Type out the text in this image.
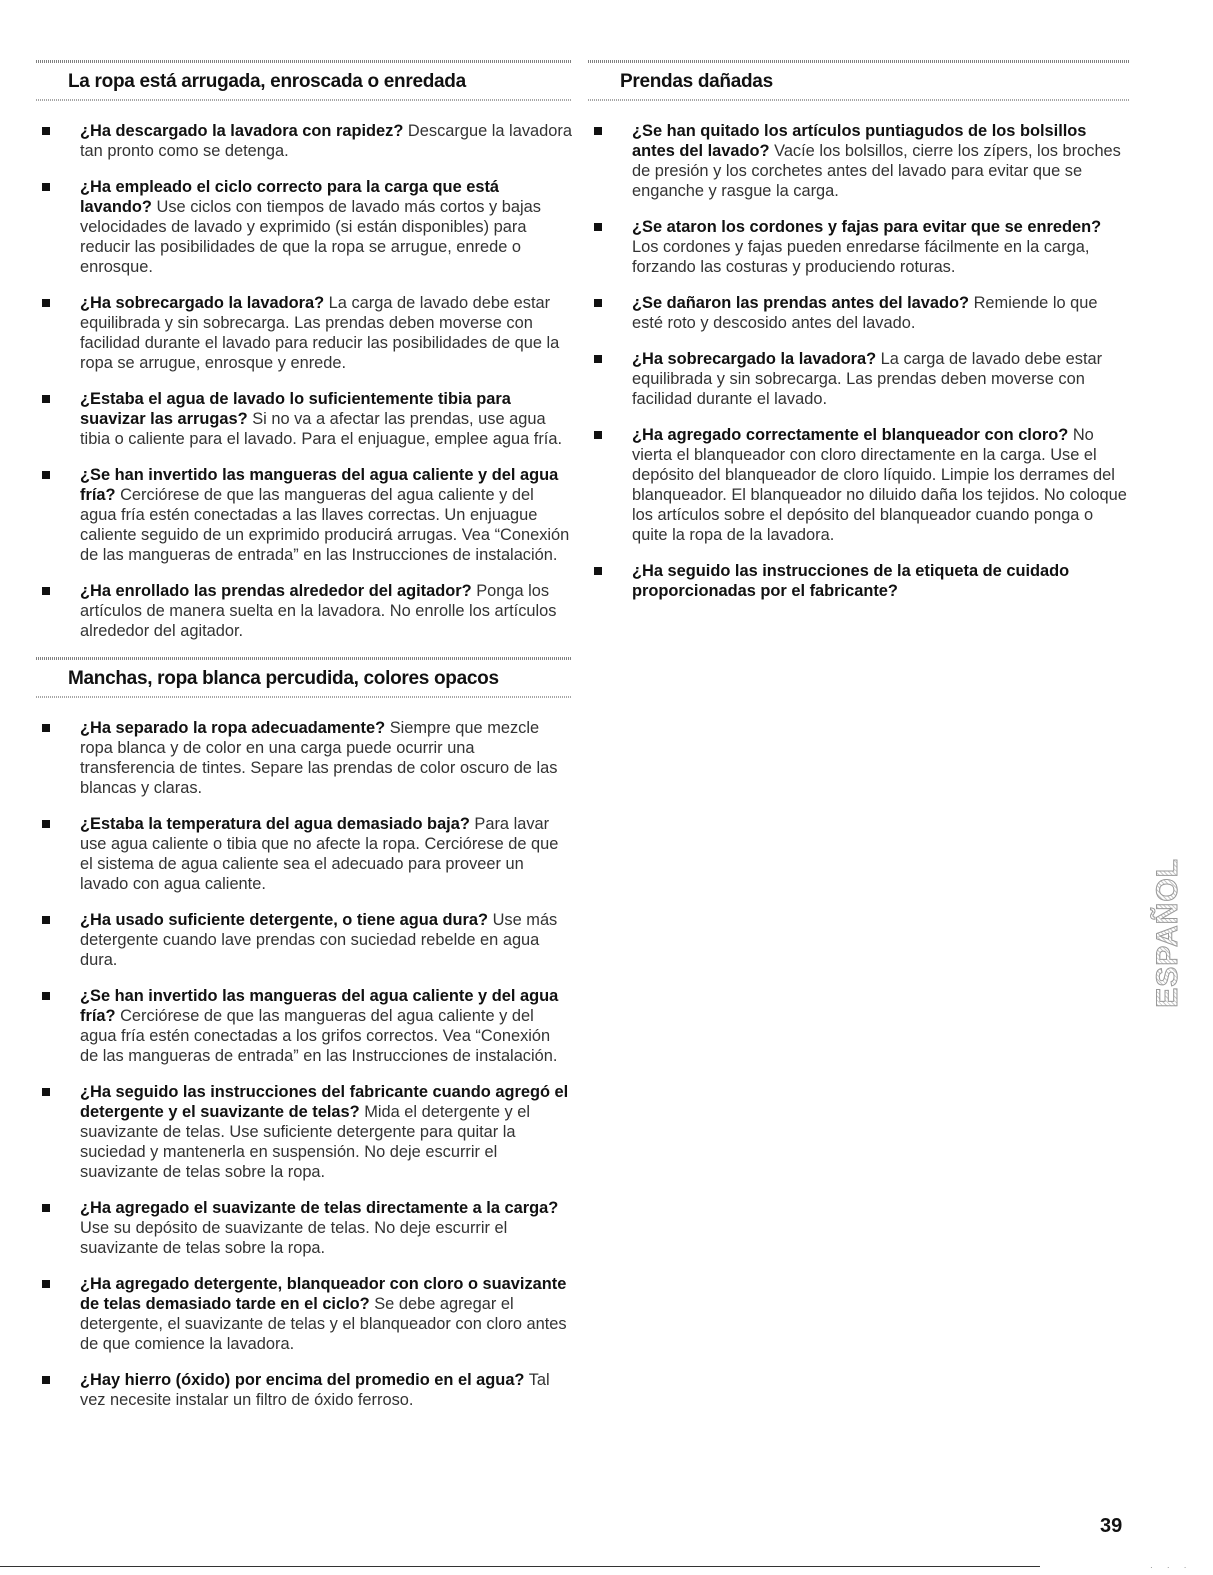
La ropa está arrugada, enroscada o enredada
¿Ha descargado la lavadora con rapidez? Descargue la lavadora tan pronto como se detenga.
¿Ha empleado el ciclo correcto para la carga que está lavando? Use ciclos con tiempos de lavado más cortos y bajas velocidades de lavado y exprimido (si están disponibles) para reducir las posibilidades de que la ropa se arrugue, enrede o enrosque.
¿Ha sobrecargado la lavadora? La carga de lavado debe estar equilibrada y sin sobrecarga. Las prendas deben moverse con facilidad durante el lavado para reducir las posibilidades de que la ropa se arrugue, enrosque y enrede.
¿Estaba el agua de lavado lo suficientemente tibia para suavizar las arrugas? Si no va a afectar las prendas, use agua tibia o caliente para el lavado. Para el enjuague, emplee agua fría.
¿Se han invertido las mangueras del agua caliente y del agua fría? Cerciórese de que las mangueras del agua caliente y del agua fría estén conectadas a las llaves correctas. Un enjuague caliente seguido de un exprimido producirá arrugas. Vea “Conexión de las mangueras de entrada” en las Instrucciones de instalación.
¿Ha enrollado las prendas alrededor del agitador? Ponga los artículos de manera suelta en la lavadora. No enrolle los artículos alrededor del agitador.
Manchas, ropa blanca percudida, colores opacos
¿Ha separado la ropa adecuadamente? Siempre que mezcle ropa blanca y de color en una carga puede ocurrir una transferencia de tintes. Separe las prendas de color oscuro de las blancas y claras.
¿Estaba la temperatura del agua demasiado baja? Para lavar use agua caliente o tibia que no afecte la ropa. Cerciórese de que el sistema de agua caliente sea el adecuado para proveer un lavado con agua caliente.
¿Ha usado suficiente detergente, o tiene agua dura? Use más detergente cuando lave prendas con suciedad rebelde en agua dura.
¿Se han invertido las mangueras del agua caliente y del agua fría? Cerciórese de que las mangueras del agua caliente y del agua fría estén conectadas a los grifos correctos. Vea “Conexión de las mangueras de entrada” en las Instrucciones de instalación.
¿Ha seguido las instrucciones del fabricante cuando agregó el detergente y el suavizante de telas? Mida el detergente y el suavizante de telas. Use suficiente detergente para quitar la suciedad y mantenerla en suspensión. No deje escurrir el suavizante de telas sobre la ropa.
¿Ha agregado el suavizante de telas directamente a la carga? Use su depósito de suavizante de telas. No deje escurrir el suavizante de telas sobre la ropa.
¿Ha agregado detergente, blanqueador con cloro o suavizante de telas demasiado tarde en el ciclo? Se debe agregar el detergente, el suavizante de telas y el blanqueador con cloro antes de que comience la lavadora.
¿Hay hierro (óxido) por encima del promedio en el agua? Tal vez necesite instalar un filtro de óxido ferroso.
Prendas dañadas
¿Se han quitado los artículos puntiagudos de los bolsillos antes del lavado? Vacíe los bolsillos, cierre los zípers, los broches de presión y los corchetes antes del lavado para evitar que se enganche y rasgue la carga.
¿Se ataron los cordones y fajas para evitar que se enreden? Los cordones y fajas pueden enredarse fácilmente en la carga, forzando las costuras y produciendo roturas.
¿Se dañaron las prendas antes del lavado? Remiende lo que esté roto y descosido antes del lavado.
¿Ha sobrecargado la lavadora? La carga de lavado debe estar equilibrada y sin sobrecarga. Las prendas deben moverse con facilidad durante el lavado.
¿Ha agregado correctamente el blanqueador con cloro? No vierta el blanqueador con cloro directamente en la carga. Use el depósito del blanqueador de cloro líquido. Limpie los derrames del blanqueador. El blanqueador no diluido daña los tejidos. No coloque los artículos sobre el depósito del blanqueador cuando ponga o quite la ropa de la lavadora.
¿Ha seguido las instrucciones de la etiqueta de cuidado proporcionadas por el fabricante?
ESPAÑOL
39
· · ·
